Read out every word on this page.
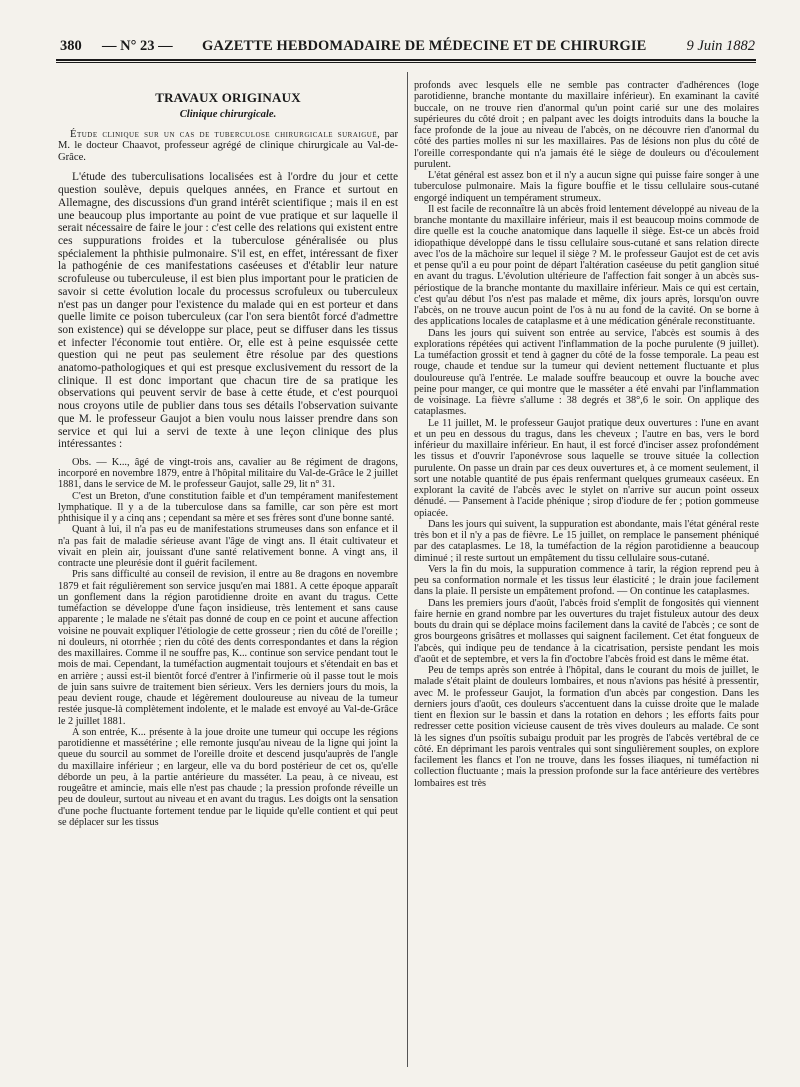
380 — N° 23 — GAZETTE HEBDOMADAIRE DE MÉDECINE ET DE CHIRURGIE	9 Juin 1882
TRAVAUX ORIGINAUX
Clinique chirurgicale.
Étude clinique sur un cas de tuberculose chirurgicale suraiguë, par M. le docteur Chaavot, professeur agrégé de clinique chirurgicale au Val-de-Grâce.
L'étude des tuberculisations localisées est à l'ordre du jour et cette question soulève, depuis quelques années, en France et surtout en Allemagne, des discussions d'un grand intérêt scientifique ; mais il en est une beaucoup plus importante au point de vue pratique et sur laquelle il serait nécessaire de faire le jour : c'est celle des relations qui existent entre ces suppurations froides et la tuberculose généralisée ou plus spécialement la phthisie pulmonaire. S'il est, en effet, intéressant de fixer la pathogénie de ces manifestations caséeuses et d'établir leur nature scrofuleuse ou tuberculeuse, il est bien plus important pour le praticien de savoir si cette évolution locale du processus scrofuleux ou tuberculeux n'est pas un danger pour l'existence du malade qui en est porteur et dans quelle limite ce poison tuberculeux (car l'on sera bientôt forcé d'admettre son existence) qui se développe sur place, peut se diffuser dans les tissus et infecter l'économie tout entière. Or, elle est à peine esquissée cette question qui ne peut pas seulement être résolue par des questions anatomo-pathologiques et qui est presque exclusivement du ressort de la clinique. Il est donc important que chacun tire de sa pratique les observations qui peuvent servir de base à cette étude, et c'est pourquoi nous croyons utile de publier dans tous ses détails l'observation suivante que M. le professeur Gaujot a bien voulu nous laisser prendre dans son service et qui lui a servi de texte à une leçon clinique des plus intéressantes :
Obs. — K..., âgé de vingt-trois ans, cavalier au 8e régiment de dragons, incorporé en novembre 1879, entre à l'hôpital militaire du Val-de-Grâce le 2 juillet 1881, dans le service de M. le professeur Gaujot, salle 29, lit n° 31.
C'est un Breton, d'une constitution faible et d'un tempérament manifestement lymphatique. Il y a de la tuberculose dans sa famille, car son père est mort phthisique il y a cinq ans ; cependant sa mère et ses frères sont d'une bonne santé.
Quant à lui, il n'a pas eu de manifestations strumeuses dans son enfance et il n'a pas fait de maladie sérieuse avant l'âge de vingt ans. Il était cultivateur et vivait en plein air, jouissant d'une santé relativement bonne. A vingt ans, il contracte une pleurésie dont il guérit facilement.
Pris sans difficulté au conseil de revision, il entre au 8e dragons en novembre 1879 et fait régulièrement son service jusqu'en mai 1881. A cette époque apparaît un gonflement dans la région parotidienne droite en avant du tragus. Cette tuméfaction se développe d'une façon insidieuse, très lentement et sans cause apparente ; le malade ne s'était pas donné de coup en ce point et aucune affection voisine ne pouvait expliquer l'étiologie de cette grosseur ; rien du côté de l'oreille ; ni douleurs, ni otorrhée ; rien du côté des dents correspondantes et dans la région des maxillaires. Comme il ne souffre pas, K... continue son service pendant tout le mois de mai. Cependant, la tuméfaction augmentait toujours et s'étendait en bas et en arrière ; aussi est-il bientôt forcé d'entrer à l'infirmerie où il passe tout le mois de juin sans suivre de traitement bien sérieux. Vers les derniers jours du mois, la peau devient rouge, chaude et légèrement douloureuse au niveau de la tumeur restée jusque-là complètement indolente, et le malade est envoyé au Val-de-Grâce le 2 juillet 1881.
A son entrée, K... présente à la joue droite une tumeur qui occupe les régions parotidienne et massétérine ; elle remonte jusqu'au niveau de la ligne qui joint la queue du sourcil au sommet de l'oreille droite et descend jusqu'auprès de l'angle du maxillaire inférieur ; en largeur, elle va du bord postérieur de cet os, qu'elle déborde un peu, à la partie antérieure du masséter. La peau, à ce niveau, est rougeâtre et amincie, mais elle n'est pas chaude ; la pression profonde réveille un peu de douleur, surtout au niveau et en avant du tragus. Les doigts ont la sensation d'une poche fluctuante fortement tendue par le liquide qu'elle contient et qui peut se déplacer sur les tissus
profonds avec lesquels elle ne semble pas contracter d'adhérences (loge parotidienne, branche montante du maxillaire inférieur). En examinant la cavité buccale, on ne trouve rien d'anormal qu'un point carié sur une des molaires supérieures du côté droit ; en palpant avec les doigts introduits dans la bouche la face profonde de la joue au niveau de l'abcès, on ne découvre rien d'anormal du côté des parties molles ni sur les maxillaires. Pas de lésions non plus du côté de l'oreille correspondante qui n'a jamais été le siège de douleurs ou d'écoulement purulent.
L'état général est assez bon et il n'y a aucun signe qui puisse faire songer à une tuberculose pulmonaire. Mais la figure bouffie et le tissu cellulaire sous-cutané engorgé indiquent un tempérament strumeux.
Il est facile de reconnaître là un abcès froid lentement développé au niveau de la branche montante du maxillaire inférieur, mais il est beaucoup moins commode de dire quelle est la couche anatomique dans laquelle il siège. Est-ce un abcès froid idiopathique développé dans le tissu cellulaire sous-cutané et sans relation directe avec l'os de la mâchoire sur lequel il siège ? M. le professeur Gaujot est de cet avis et pense qu'il a eu pour point de départ l'altération caséeuse du petit ganglion situé en avant du tragus. L'évolution ultérieure de l'affection fait songer à un abcès sus-périostique de la branche montante du maxillaire inférieur. Mais ce qui est certain, c'est qu'au début l'os n'est pas malade et même, dix jours après, lorsqu'on ouvre l'abcès, on ne trouve aucun point de l'os à nu au fond de la cavité. On se borne à des applications locales de cataplasme et à une médication générale reconstituante.
Dans les jours qui suivent son entrée au service, l'abcès est soumis à des explorations répétées qui activent l'inflammation de la poche purulente (9 juillet). La tuméfaction grossit et tend à gagner du côté de la fosse temporale. La peau est rouge, chaude et tendue sur la tumeur qui devient nettement fluctuante et plus douloureuse qu'à l'entrée. Le malade souffre beaucoup et ouvre la bouche avec peine pour manger, ce qui montre que le masséter a été envahi par l'inflammation de voisinage. La fièvre s'allume : 38 degrés et 38°,6 le soir. On applique des cataplasmes.
Le 11 juillet, M. le professeur Gaujot pratique deux ouvertures : l'une en avant et un peu en dessous du tragus, dans les cheveux ; l'autre en bas, vers le bord inférieur du maxillaire inférieur. En haut, il est forcé d'inciser assez profondément les tissus et d'ouvrir l'aponévrose sous laquelle se trouve située la collection purulente. On passe un drain par ces deux ouvertures et, à ce moment seulement, il sort une notable quantité de pus épais renfermant quelques grumeaux caséeux. En explorant la cavité de l'abcès avec le stylet on n'arrive sur aucun point osseux dénudé. — Pansement à l'acide phénique ; sirop d'iodure de fer ; potion gommeuse opiacée.
Dans les jours qui suivent, la suppuration est abondante, mais l'état général reste très bon et il n'y a pas de fièvre. Le 15 juillet, on remplace le pansement phéniqué par des cataplasmes. Le 18, la tuméfaction de la région parotidienne a beaucoup diminué ; il reste surtout un empâtement du tissu cellulaire sous-cutané.
Vers la fin du mois, la suppuration commence à tarir, la région reprend peu à peu sa conformation normale et les tissus leur élasticité ; le drain joue facilement dans la plaie. Il persiste un empâtement profond. — On continue les cataplasmes.
Dans les premiers jours d'août, l'abcès froid s'emplit de fongosités qui viennent faire hernie en grand nombre par les ouvertures du trajet fistuleux autour des deux bouts du drain qui se déplace moins facilement dans la cavité de l'abcès ; ce sont de gros bourgeons grisâtres et mollasses qui saignent facilement. Cet état fongueux de l'abcès, qui indique peu de tendance à la cicatrisation, persiste pendant les mois d'août et de septembre, et vers la fin d'octobre l'abcès froid est dans le même état.
Peu de temps après son entrée à l'hôpital, dans le courant du mois de juillet, le malade s'était plaint de douleurs lombaires, et nous n'avions pas hésité à pressentir, avec M. le professeur Gaujot, la formation d'un abcès par congestion. Dans les derniers jours d'août, ces douleurs s'accentuent dans la cuisse droite que le malade tient en flexion sur le bassin et dans la rotation en dehors ; les efforts faits pour redresser cette position vicieuse causent de très vives douleurs au malade. Ce sont là les signes d'un psoïtis subaigu produit par les progrès de l'abcès vertébral de ce côté. En déprimant les parois ventrales qui sont singulièrement souples, on explore facilement les flancs et l'on ne trouve, dans les fosses iliaques, ni tuméfaction ni collection fluctuante ; mais la pression profonde sur la face antérieure des vertèbres lombaires est très
